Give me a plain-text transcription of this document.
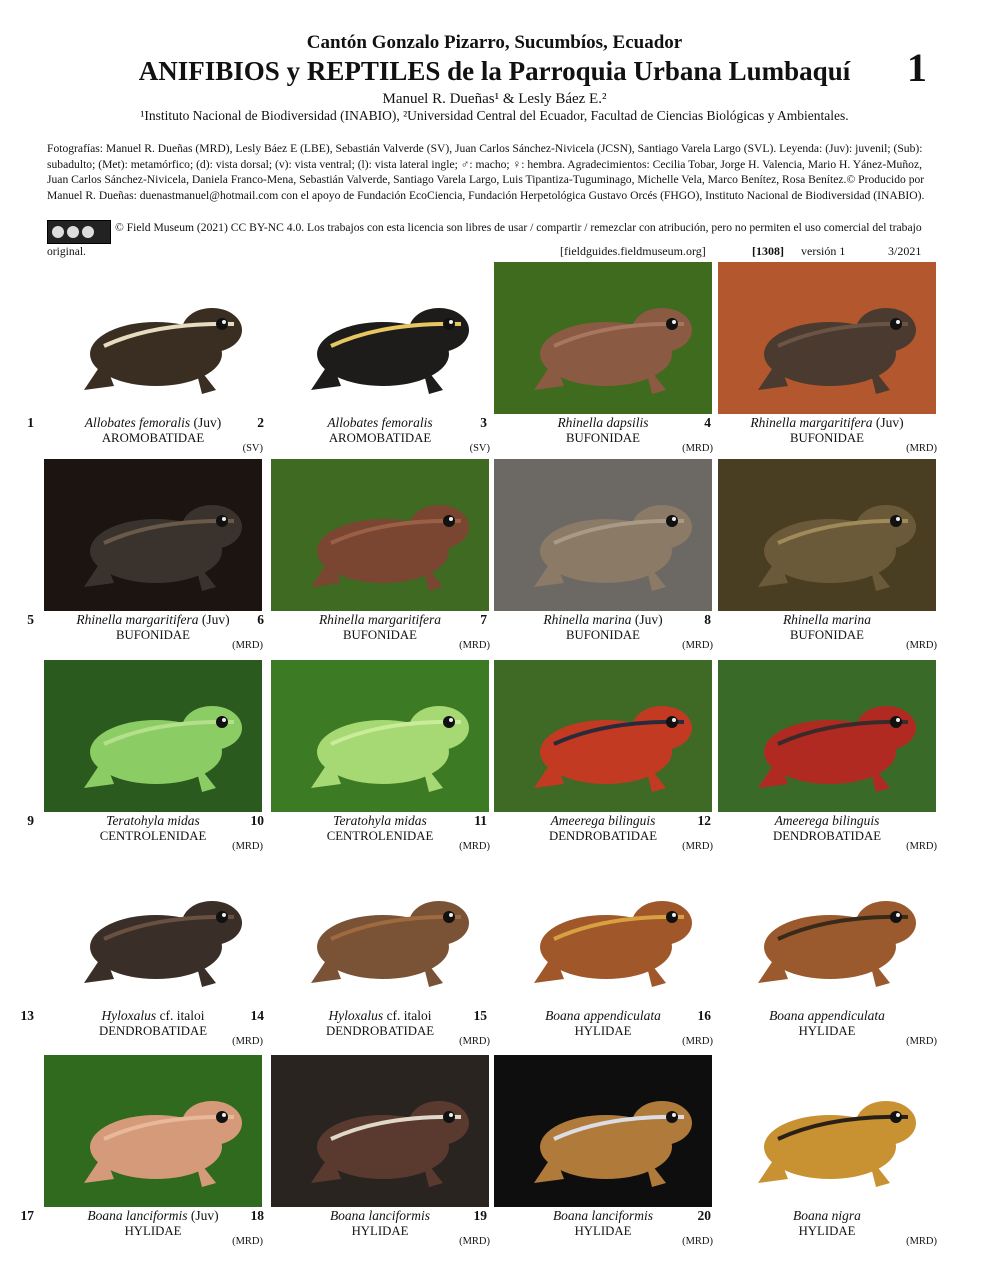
Cantón Gonzalo Pizarro, Sucumbíos, Ecuador
ANIFIBIOS y REPTILES de la Parroquia Urbana Lumbaquí	1
Manuel R. Dueñas¹ & Lesly Báez E.²
¹Instituto Nacional de Biodiversidad (INABIO), ²Universidad Central del Ecuador, Facultad de Ciencias Biológicas y Ambientales.
Fotografías: Manuel R. Dueñas (MRD), Lesly Báez E (LBE), Sebastián Valverde (SV), Juan Carlos Sánchez-Nivicela (JCSN), Santiago Varela Largo (SVL). Leyenda: (Juv): juvenil; (Sub): subadulto; (Met): metamórfico; (d): vista dorsal; (v): vista ventral; (l): vista lateral ingle; ♂: macho; ♀: hembra. Agradecimientos: Cecilia Tobar, Jorge H. Valencia, Mario H. Yánez-Muñoz, Juan Carlos Sánchez-Nivicela, Daniela Franco-Mena, Sebastián Valverde, Santiago Varela Largo, Luis Tipantiza-Tuguminago, Michelle Vela, Marco Benítez, Rosa Benítez.© Producido por Manuel R. Dueñas: duenastmanuel@hotmail.com con el apoyo de Fundación EcoCiencia, Fundación Herpetológica Gustavo Orcés (FHGO), Instituto Nacional de Biodiversidad (INABIO).
© Field Museum (2021) CC BY-NC 4.0. Los trabajos con esta licencia son libres de usar / compartir / remezclar con atribución, pero no permiten el uso comercial del trabajo original.	[fieldguides.fieldmuseum.org]	[1308] versión 1	3/2021
1	Allobates femoralis (Juv)
AROMOBATIDAE
(SV)
2	Allobates femoralis
AROMOBATIDAE
(SV)
3	Rhinella dapsilis
BUFONIDAE
(MRD)
4	Rhinella margaritifera (Juv)
BUFONIDAE
(MRD)
5	Rhinella margaritifera (Juv)
BUFONIDAE
(MRD)
6	Rhinella margaritifera
BUFONIDAE
(MRD)
7	Rhinella marina (Juv)
BUFONIDAE
(MRD)
8	Rhinella marina
BUFONIDAE
(MRD)
9	Teratohyla midas
CENTROLENIDAE
(MRD)
10	Teratohyla midas
CENTROLENIDAE
(MRD)
11	Ameerega bilinguis
DENDROBATIDAE
(MRD)
12	Ameerega bilinguis
DENDROBATIDAE
(MRD)
13	Hyloxalus cf. italoi
DENDROBATIDAE
(MRD)
14	Hyloxalus cf. italoi
DENDROBATIDAE
(MRD)
15	Boana appendiculata
HYLIDAE
(MRD)
16	Boana appendiculata
HYLIDAE
(MRD)
17	Boana lanciformis (Juv)
HYLIDAE
(MRD)
18	Boana lanciformis
HYLIDAE
(MRD)
19	Boana lanciformis
HYLIDAE
(MRD)
20	Boana nigra
HYLIDAE
(MRD)
